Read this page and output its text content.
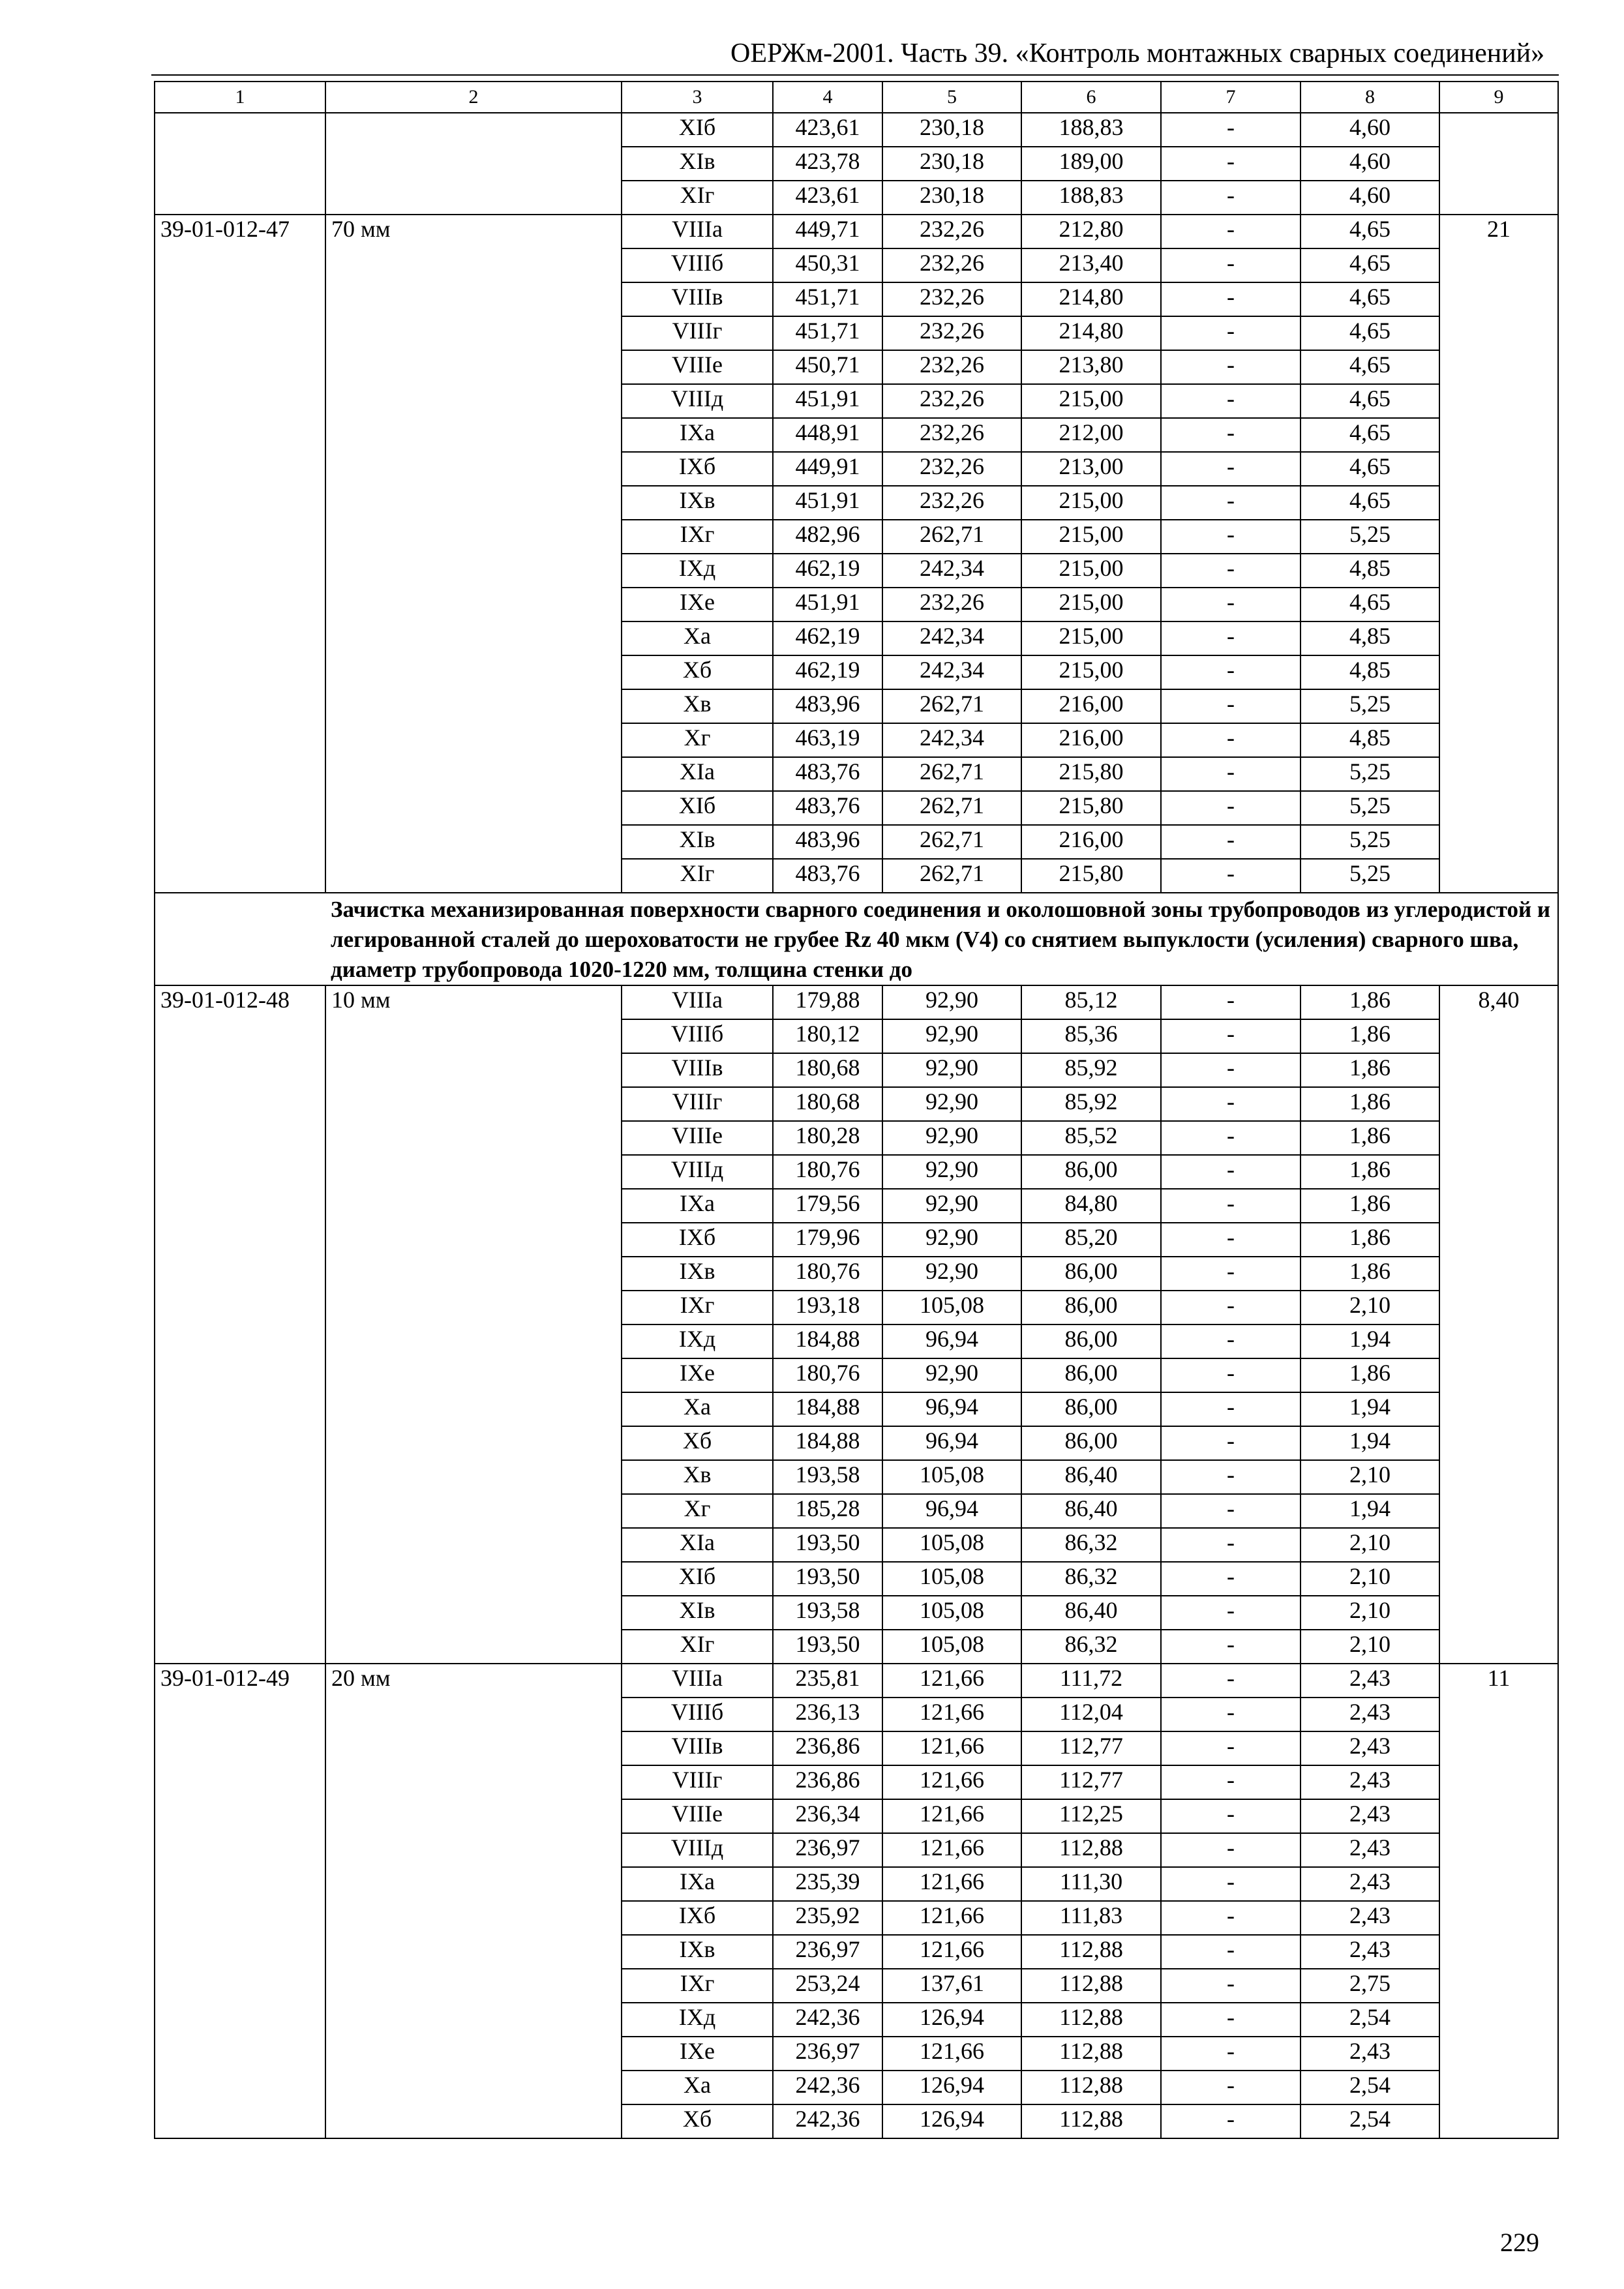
ОЕРЖм-2001. Часть 39. «Контроль монтажных сварных соединений»
1	2	3	4	5	6	7	8	9
		XIб	423,61	230,18	188,83	-	4,60	
		XIв	423,78	230,18	189,00	-	4,60	
		XIг	423,61	230,18	188,83	-	4,60	
39-01-012-47	70 мм	VIIIа	449,71	232,26	212,80	-	4,65	21
		VIIIб	450,31	232,26	213,40	-	4,65	
		VIIIв	451,71	232,26	214,80	-	4,65	
		VIIIг	451,71	232,26	214,80	-	4,65	
		VIIIе	450,71	232,26	213,80	-	4,65	
		VIIIд	451,91	232,26	215,00	-	4,65	
		IXа	448,91	232,26	212,00	-	4,65	
		IXб	449,91	232,26	213,00	-	4,65	
		IXв	451,91	232,26	215,00	-	4,65	
		IXг	482,96	262,71	215,00	-	5,25	
		IXд	462,19	242,34	215,00	-	4,85	
		IXе	451,91	232,26	215,00	-	4,65	
		Xа	462,19	242,34	215,00	-	4,85	
		Xб	462,19	242,34	215,00	-	4,85	
		Xв	483,96	262,71	216,00	-	5,25	
		Xг	463,19	242,34	216,00	-	4,85	
		XIа	483,76	262,71	215,80	-	5,25	
		XIб	483,76	262,71	215,80	-	5,25	
		XIв	483,96	262,71	216,00	-	5,25	
		XIг	483,76	262,71	215,80	-	5,25	
	Зачистка механизированная поверхности сварного соединения и околошовной зоны трубопроводов из углеродистой и легированной сталей до шероховатости не грубее Rz 40 мкм (V4) со снятием выпуклости (усиления) сварного шва, диаметр трубопровода 1020-1220 мм, толщина стенки до							
39-01-012-48	10 мм	VIIIа	179,88	92,90	85,12	-	1,86	8,40
		VIIIб	180,12	92,90	85,36	-	1,86	
		VIIIв	180,68	92,90	85,92	-	1,86	
		VIIIг	180,68	92,90	85,92	-	1,86	
		VIIIе	180,28	92,90	85,52	-	1,86	
		VIIIд	180,76	92,90	86,00	-	1,86	
		IXа	179,56	92,90	84,80	-	1,86	
		IXб	179,96	92,90	85,20	-	1,86	
		IXв	180,76	92,90	86,00	-	1,86	
		IXг	193,18	105,08	86,00	-	2,10	
		IXд	184,88	96,94	86,00	-	1,94	
		IXе	180,76	92,90	86,00	-	1,86	
		Xа	184,88	96,94	86,00	-	1,94	
		Xб	184,88	96,94	86,00	-	1,94	
		Xв	193,58	105,08	86,40	-	2,10	
		Xг	185,28	96,94	86,40	-	1,94	
		XIа	193,50	105,08	86,32	-	2,10	
		XIб	193,50	105,08	86,32	-	2,10	
		XIв	193,58	105,08	86,40	-	2,10	
		XIг	193,50	105,08	86,32	-	2,10	
39-01-012-49	20 мм	VIIIа	235,81	121,66	111,72	-	2,43	11
		VIIIб	236,13	121,66	112,04	-	2,43	
		VIIIв	236,86	121,66	112,77	-	2,43	
		VIIIг	236,86	121,66	112,77	-	2,43	
		VIIIе	236,34	121,66	112,25	-	2,43	
		VIIIд	236,97	121,66	112,88	-	2,43	
		IXа	235,39	121,66	111,30	-	2,43	
		IXб	235,92	121,66	111,83	-	2,43	
		IXв	236,97	121,66	112,88	-	2,43	
		IXг	253,24	137,61	112,88	-	2,75	
		IXд	242,36	126,94	112,88	-	2,54	
		IXе	236,97	121,66	112,88	-	2,43	
		Xа	242,36	126,94	112,88	-	2,54	
		Xб	242,36	126,94	112,88	-	2,54	
229
